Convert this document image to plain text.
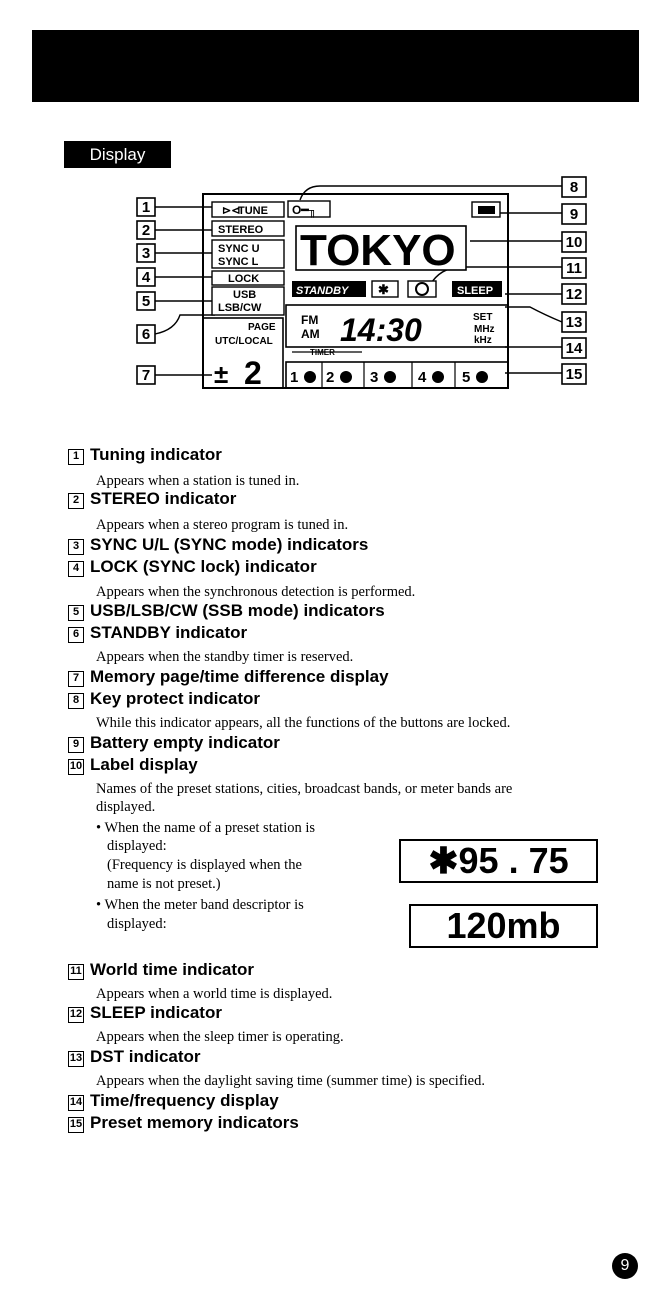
Display
1
2
3
4
5
6
7
8
9
10
11
12
13
14
15
⊳⊲
TUNE
STEREO
SYNC U
SYNC L
LOCK
USB
LSB/CW
PAGE
UTC/LOCAL
± 2
O━╖
TOKYO
STANDBY ✱	SLEEP
FM
AM 14:30	SET
MHz
kHz
TIMER
1 2 3	4 5
1 Tuning indicator
Appears when a station is tuned in.
2 STEREO indicator
Appears when a stereo program is tuned in.
3 SYNC U/L (SYNC mode) indicators
4 LOCK (SYNC lock) indicator
Appears when the synchronous detection is performed.
5 USB/LSB/CW (SSB mode) indicators
6 STANDBY indicator
Appears when the standby timer is reserved.
7 Memory page/time difference display
8 Key protect indicator
While this indicator appears, all the functions of the buttons are locked.
9 Battery empty indicator
10 Label display
Names of the preset stations, cities, broadcast bands, or meter bands are
displayed.
• When the name of a preset station is
displayed:
(Frequency is displayed when the
name is not preset.)
• When the meter band descriptor is
displayed:
✱95 . 75
120mb
11 World time indicator
Appears when a world time is displayed.
12 SLEEP indicator
Appears when the sleep timer is operating.
13 DST indicator
Appears when the daylight saving time (summer time) is specified.
14 Time/frequency display
15 Preset memory indicators
9
